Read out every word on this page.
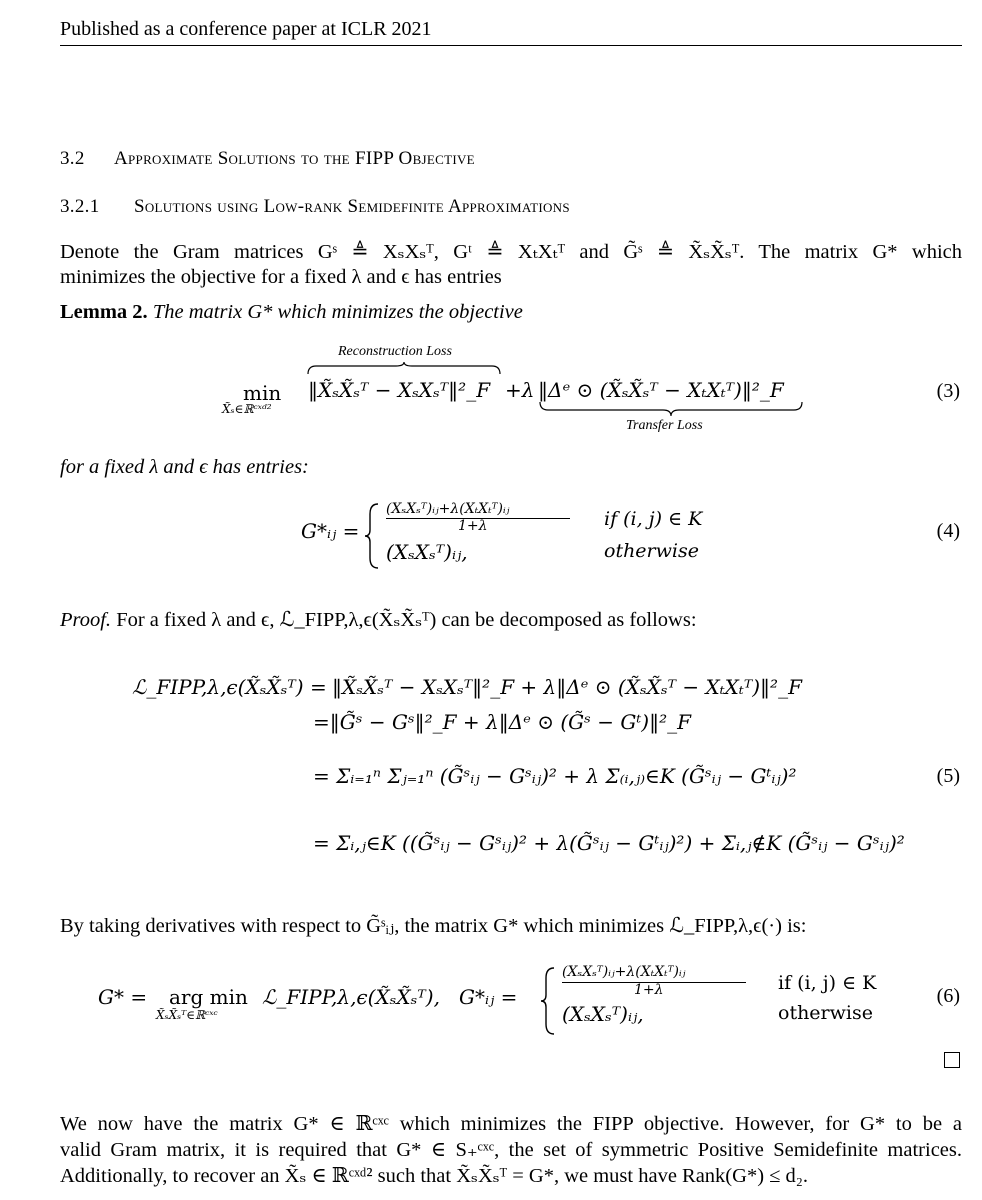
Published as a conference paper at ICLR 2021
3.2 Approximate Solutions to the FIPP Objective
3.2.1 Solutions using Low-rank Semidefinite Approximations
Denote the Gram matrices Gˢ ≜ XₛXₛᵀ, Gᵗ ≜ XₜXₜᵀ and G̃ˢ ≜ X̃ₛX̃ₛᵀ. The matrix G* which
minimizes the objective for a fixed λ and ϵ has entries
Lemma 2. The matrix G* which minimizes the objective
min
X̃ₛ∈ℝᶜˣᵈ²
Reconstruction Loss
‖X̃ₛX̃ₛᵀ − XₛXₛᵀ‖²_F +λ ‖Δᵉ ⊙ (X̃ₛX̃ₛᵀ − XₜXₜᵀ)‖²_F
Transfer Loss
(3)
for a fixed λ and ϵ has entries:
G*ᵢⱼ =
(XₛXₛᵀ)ᵢⱼ+λ(XₜXₜᵀ)ᵢⱼ
1+λ	if (i, j) ∈ K
(XₛXₛᵀ)ᵢⱼ,	otherwise
(4)
Proof. For a fixed λ and ϵ, ℒ_FIPP,λ,ϵ(X̃ₛX̃ₛᵀ) can be decomposed as follows:
ℒ_FIPP,λ,ϵ(X̃ₛX̃ₛᵀ) = ‖X̃ₛX̃ₛᵀ − XₛXₛᵀ‖²_F + λ‖Δᵉ ⊙ (X̃ₛX̃ₛᵀ − XₜXₜᵀ)‖²_F
=‖G̃ˢ − Gˢ‖²_F + λ‖Δᵉ ⊙ (G̃ˢ − Gᵗ)‖²_F
= Σᵢ₌₁ⁿ Σⱼ₌₁ⁿ (G̃ˢᵢⱼ − Gˢᵢⱼ)² + λ Σ₍ᵢ,ⱼ₎∈K (G̃ˢᵢⱼ − Gᵗᵢⱼ)²
= Σᵢ,ⱼ∈K ((G̃ˢᵢⱼ − Gˢᵢⱼ)² + λ(G̃ˢᵢⱼ − Gᵗᵢⱼ)²) + Σᵢ,ⱼ∉K (G̃ˢᵢⱼ − Gˢᵢⱼ)²
(5)
By taking derivatives with respect to G̃ˢᵢⱼ, the matrix G* which minimizes ℒ_FIPP,λ,ϵ(·) is:
G* = arg min
X̃ₛX̃ₛᵀ∈ℝᶜˣᶜ
ℒ_FIPP,λ,ϵ(X̃ₛX̃ₛᵀ), G*ᵢⱼ =
(XₛXₛᵀ)ᵢⱼ+λ(XₜXₜᵀ)ᵢⱼ
1+λ	if (i, j) ∈ K
(XₛXₛᵀ)ᵢⱼ,	otherwise
(6)
We now have the matrix G* ∈ ℝᶜˣᶜ which minimizes the FIPP objective. However, for G* to be a
valid Gram matrix, it is required that G* ∈ S₊ᶜˣᶜ, the set of symmetric Positive Semidefinite matrices.
Additionally, to recover an X̃ₛ ∈ ℝᶜˣᵈ² such that X̃ₛX̃ₛᵀ = G*, we must have Rank(G*) ≤ d₂.
